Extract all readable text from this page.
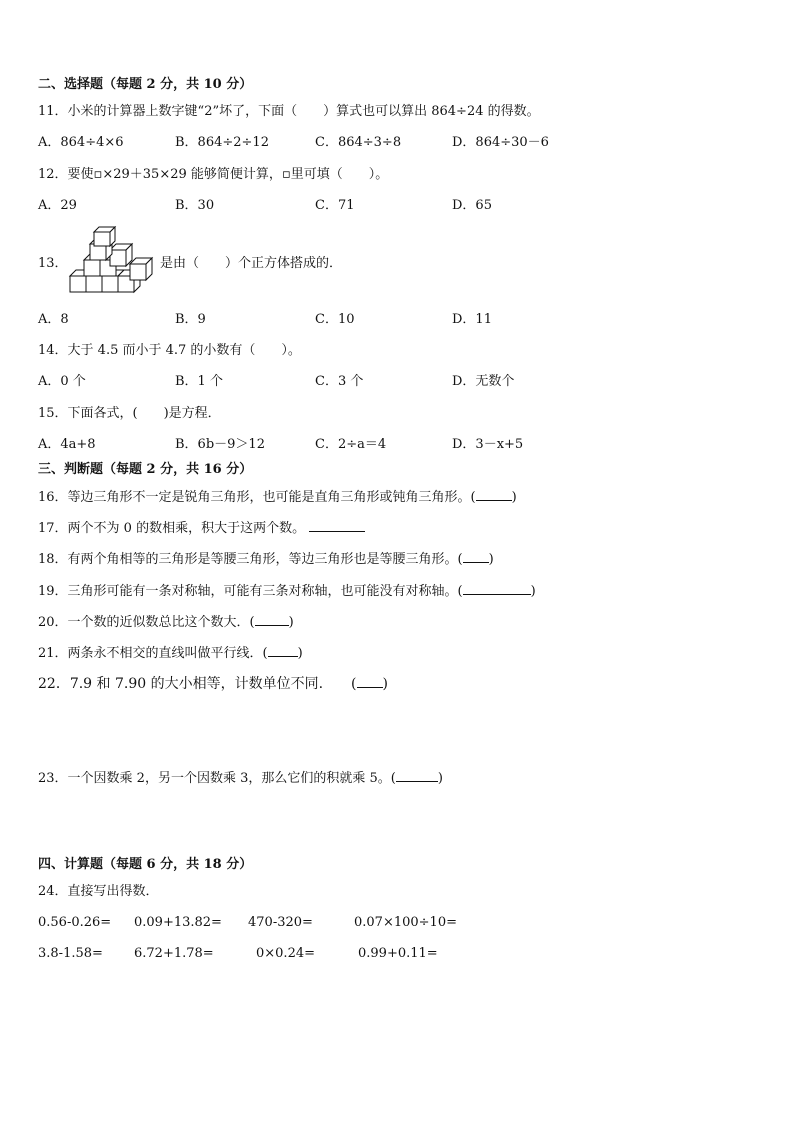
二、选择题（每题 2 分，共 10 分）
11．小米的计算器上数字键“2”坏了，下面（　　）算式也可以算出 864÷24 的得数。
A．864÷4×6	B．864÷2÷12	C．864÷3÷8	D．864÷30－6
12．要使▫×29＋35×29 能够简便计算，▫里可填（　　）。
A．29	B．30	C．71	D．65
13．	是由（　　）个正方体搭成的．
A．8	B．9	C．10	D．11
14．大于 4.5 而小于 4.7 的小数有（　　）。
A．0 个	B．1 个	C．3 个	D．无数个
15．下面各式，(　　)是方程．
A．4a+8	B．6b－9＞12	C．2÷a＝4	D．3－x+5
三、判断题（每题 2 分，共 16 分）
16．等边三角形不一定是锐角三角形，也可能是直角三角形或钝角三角形。(	)
17．两个不为 0 的数相乘，积大于这两个数。
18．有两个角相等的三角形是等腰三角形，等边三角形也是等腰三角形。( )
19．三角形可能有一条对称轴，可能有三条对称轴，也可能没有对称轴。(	)
20．一个数的近似数总比这个数大．(	)
21．两条永不相交的直线叫做平行线．( )
22．7.9 和 7.90 的大小相等，计数单位不同.　　( )
23．一个因数乘 2，另一个因数乘 3，那么它们的积就乘 5。(	)
四、计算题（每题 6 分，共 18 分）
24．直接写出得数．
0.56-0.26= 0.09+13.82= 470-320=	0.07×100÷10=
3.8-1.58= 6.72+1.78=	0×0.24=	0.99+0.11=
